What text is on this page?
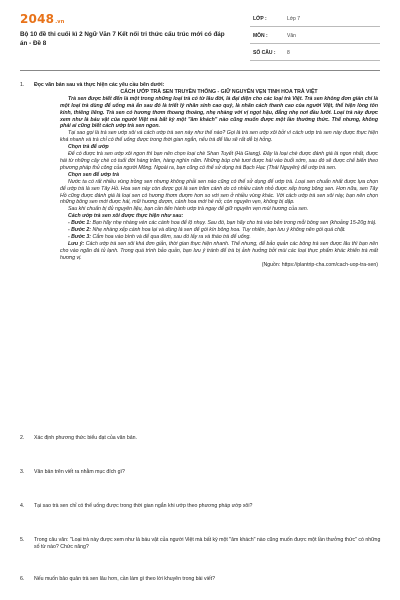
2048.vn
Bộ 10 đề thi cuối kì 2 Ngữ Văn 7 Kết nối tri thức cấu trúc mới có đáp án - Đề 8
LỚP :	Lớp 7
MÔN :	Văn
SỐ CÂU :	8
1.	Đọc văn bản sau và thực hiện các yêu cầu bên dưới:

CÁCH ƯỚP TRÀ SEN TRUYỀN THỐNG - GIỮ NGUYÊN VẸN TINH HOA TRÀ VIỆT

Trà sen được biết đến là một trong những loại trà có từ lâu đời, là đại diện cho các loại trà Việt. Trà sen không đơn giản chỉ là một loại trà dùng để uống mà ẩn sau đó là triết lý nhân sinh cao quý, là nhân cách thanh cao của người Việt, thể hiện lòng tôn kính, thiêng liêng. Trà sen có hương thơm thoang thoảng, nhẹ nhàng với vị ngọt hậu, đắng nhẹ nơi đầu lưỡi. Loại trà này được xem như là báu vật của người Việt mà bất kỳ một "âm khách" nào cũng muốn được một lần thưởng thức. Thế nhưng, không phải ai cũng biết cách ướp trà sen ngon.

Tại sao gọi là trà sen ướp xôi và cách ướp trà sen này như thế nào? Gọi là trà sen ướp xôi bởi vì cách ướp trà sen này được thực hiện khá nhanh và trà chỉ có thể uống được trong thời gian ngắn, nếu trà để lâu sẽ rất dễ bị hỏng.

Chọn trà để ướp

Để có được trà sen ướp xôi ngon thì bạn nên chọn loại chè Shan Tuyết (Hà Giang). Đây là loại chè được đánh giá là ngon nhất, được hái từ những cây chè có tuổi đời hàng trăm, hàng nghìn năm. Những búp chè tươi được hái vào buổi sớm, sau đó sẽ được chế biến theo phương pháp thủ công của người Mông. Ngoài ra, bạn cũng có thể sử dụng trà Bạch Hạc (Thái Nguyên) để ướp trà sen.

Chọn sen để ướp trà

Nước ta có rất nhiều vùng trồng sen nhưng không phải sen nào cũng có thể sử dụng để ướp trà. Loại sen chuẩn nhất được lựa chọn để ướp trà là sen Tây Hồ. Hoa sen này còn được gọi là sen trăm cánh do có nhiều cánh nhỏ được xếp trong bông sen. Hơn nữa, sen Tây Hồ cũng được đánh giá là loại sen có hương thơm đượm hơn so với sen ở nhiều vùng khác. Với cách ướp trà sen xôi này, bạn nên chọn những bông sen mới được hái, mũi hương đượm, cánh hoa mới hé nở, còn nguyên vẹn, không bị dập.

Sau khi chuẩn bị đủ nguyên liệu, bạn cần tiến hành ướp trà ngay để giữ nguyên vẹn mùi hương của sen.

Cách ướp trà sen xôi được thực hiện như sau:

- Bước 1: Bạn hãy nhẹ nhàng vén các cánh hoa để lộ nhụy. Sau đó, bạn hãy cho trà vào bên trong mỗi bông sen (khoảng 15-20g trà).

- Bước 2: Nhẹ nhàng xếp cánh hoa lại và dùng lá sen để gói kín bông hoa. Tuy nhiên, bạn lưu ý không nên gói quá chặt.

- Bước 3: Cắm hoa vào bình và để qua đêm, sau đó lấy ra và tháo trà để uống.

Lưu ý: Cách ướp trà sen xôi khá đơn giản, thời gian thực hiện nhanh. Thế nhưng, để bảo quản các bông trà sen được lâu thì bạn nên cho vào ngăn đá tủ lạnh. Trong quá trình bảo quản, bạn lưu ý tránh để trà bị ảnh hưởng bởi mùi các loại thực phẩm khác khiến trà mất hương vị.

(Nguồn: https://plantrip-cha.com/cach-uop-tra-sen)

2.	Xác định phương thức biểu đạt của văn bản.
3.	Văn bản trên viết ra nhằm mục đích gì?
4.	Tại sao trà sen chỉ có thể uống được trong thời gian ngắn khi ướp theo phương pháp ướp xôi?
5.	Trong câu văn: "Loại trà này được xem như là báu vật của người Việt mà bất kỳ một "âm khách" nào cũng muốn được một lần thưởng thức" có những số từ nào? Chức năng?
6.	Nếu muốn bảo quản trà sen lâu hơn, cần làm gì theo lời khuyên trong bài viết?
